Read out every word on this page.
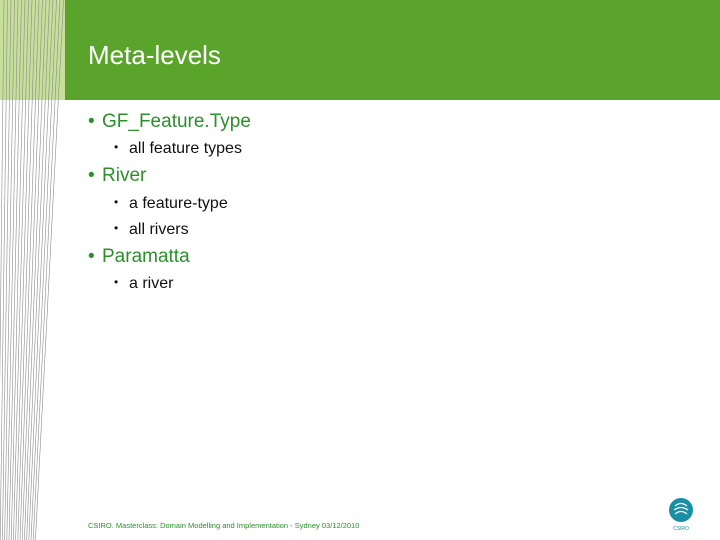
Meta-levels
• GF_Feature.Type
• all feature types
• River
• a feature-type
• all rivers
• Paramatta
• a river
CSIRO. Masterclass: Domain Modelling and Implementation - Sydney 03/12/2010	CSIRO
